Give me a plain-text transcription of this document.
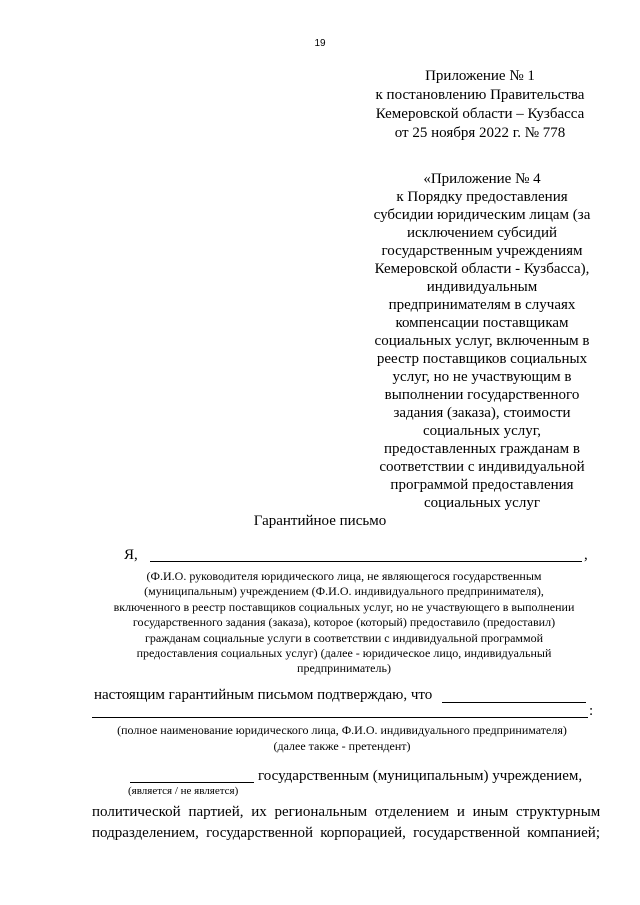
19
Приложение № 1
к постановлению Правительства
Кемеровской области – Кузбасса
от 25 ноября 2022 г. № 778
«Приложение № 4
к Порядку предоставления
субсидии юридическим лицам (за
исключением субсидий
государственным учреждениям
Кемеровской области - Кузбасса),
индивидуальным
предпринимателям в случаях
компенсации поставщикам
социальных услуг, включенным в
реестр поставщиков социальных
услуг, но не участвующим в
выполнении государственного
задания (заказа), стоимости
социальных услуг,
предоставленных гражданам в
соответствии с индивидуальной
программой предоставления
социальных услуг
Гарантийное письмо
Я,	,
(Ф.И.О. руководителя юридического лица, не являющегося государственным
(муниципальным) учреждением (Ф.И.О. индивидуального предпринимателя),
включенного в реестр поставщиков социальных услуг, но не участвующего в выполнении
государственного задания (заказа), которое (который) предоставило (предоставил)
гражданам социальные услуги в соответствии с индивидуальной программой
предоставления социальных услуг) (далее - юридическое лицо, индивидуальный
предприниматель)
настоящим гарантийным письмом подтверждаю, что
:
(полное наименование юридического лица, Ф.И.О. индивидуального предпринимателя)
(далее также - претендент)
государственным (муниципальным) учреждением,
(является / не является)
политической партией, их региональным отделением и иным структурным
подразделением, государственной корпорацией, государственной компанией;
